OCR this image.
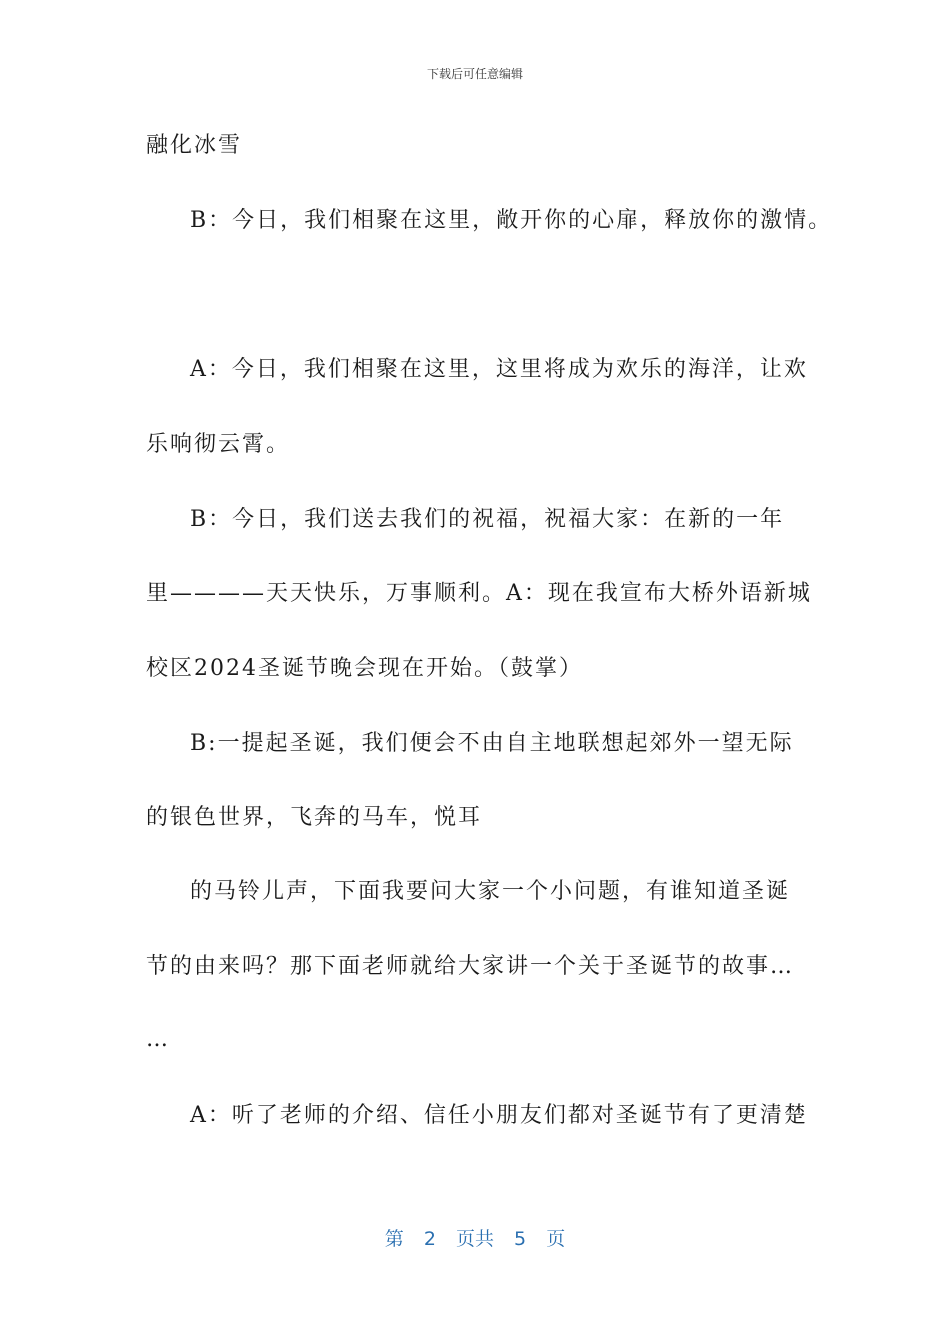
下载后可任意编辑
融化冰雪
B：今日，我们相聚在这里，敞开你的心扉，释放你的激情。
A：今日，我们相聚在这里，这里将成为欢乐的海洋，让欢
乐响彻云霄。
B：今日，我们送去我们的祝福，祝福大家：在新的一年
里————天天快乐，万事顺利。A：现在我宣布大桥外语新城
校区2024圣诞节晚会现在开始。（鼓掌）
B:一提起圣诞，我们便会不由自主地联想起郊外一望无际
的银色世界，飞奔的马车，悦耳
的马铃儿声，下面我要问大家一个小问题，有谁知道圣诞
节的由来吗？那下面老师就给大家讲一个关于圣诞节的故事…
…
A：听了老师的介绍、信任小朋友们都对圣诞节有了更清楚
第 2 页共 5 页
